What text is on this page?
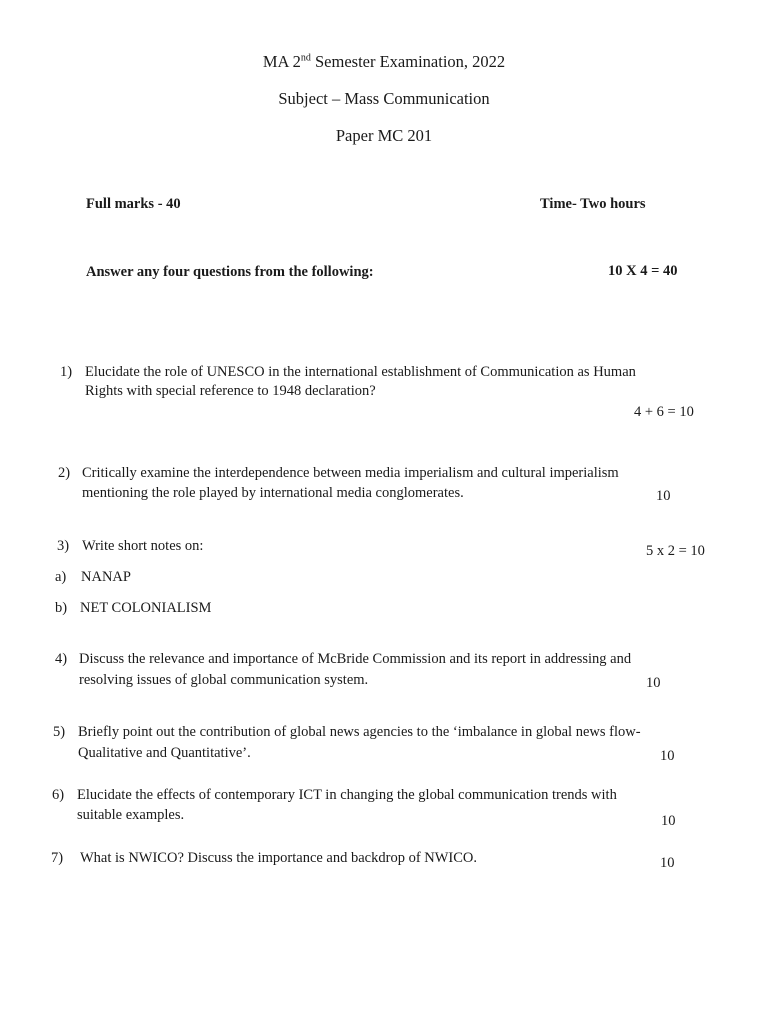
MA 2nd Semester Examination, 2022
Subject – Mass Communication
Paper MC 201
Full marks - 40	Time- Two hours
Answer any four questions from the following:	10 X 4 = 40
1) Elucidate the role of UNESCO in the international establishment of Communication as Human
Rights with special reference to 1948 declaration?
4 + 6 = 10
2) Critically examine the interdependence between media imperialism and cultural imperialism
mentioning the role played by international media conglomerates.	10
3) Write short notes on:	5 x 2 = 10
a) NANAP
b) NET COLONIALISM
4) Discuss the relevance and importance of McBride Commission and its report in addressing and
resolving issues of global communication system.	10
5) Briefly point out the contribution of global news agencies to the ‘imbalance in global news flow-
Qualitative and Quantitative’.	10
6) Elucidate the effects of contemporary ICT in changing the global communication trends with
suitable examples.	10
7) What is NWICO? Discuss the importance and backdrop of NWICO.	10
